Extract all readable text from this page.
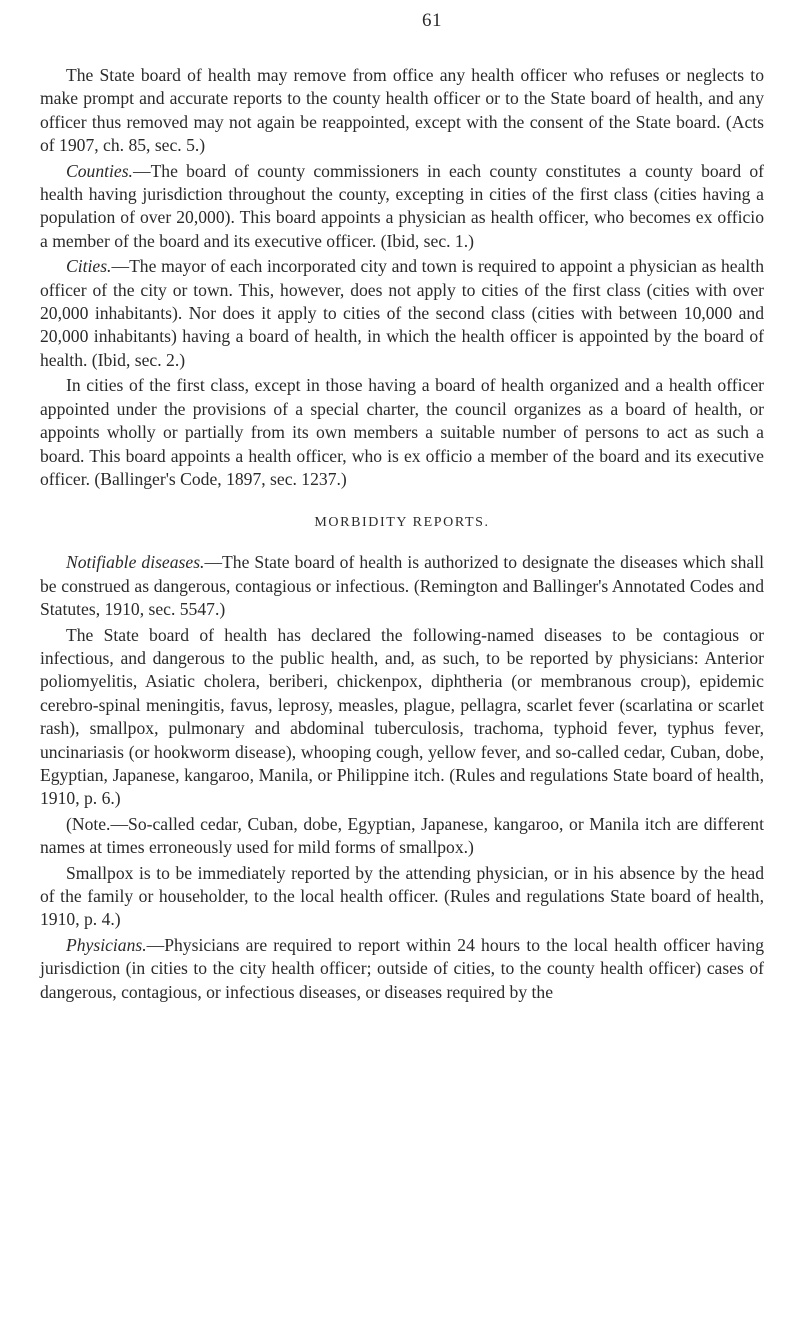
61

The State board of health may remove from office any health officer who refuses or neglects to make prompt and accurate reports to the county health officer or to the State board of health, and any officer thus removed may not again be reappointed, except with the consent of the State board. (Acts of 1907, ch. 85, sec. 5.)

Counties.—The board of county commissioners in each county constitutes a county board of health having jurisdiction throughout the county, excepting in cities of the first class (cities having a population of over 20,000). This board appoints a physician as health officer, who becomes ex officio a member of the board and its executive officer. (Ibid, sec. 1.)

Cities.—The mayor of each incorporated city and town is required to appoint a physician as health officer of the city or town. This, however, does not apply to cities of the first class (cities with over 20,000 inhabitants). Nor does it apply to cities of the second class (cities with between 10,000 and 20,000 inhabitants) having a board of health, in which the health officer is appointed by the board of health. (Ibid, sec. 2.)

In cities of the first class, except in those having a board of health organized and a health officer appointed under the provisions of a special charter, the council organizes as a board of health, or appoints wholly or partially from its own members a suitable number of persons to act as such a board. This board appoints a health officer, who is ex officio a member of the board and its executive officer. (Ballinger's Code, 1897, sec. 1237.)

MORBIDITY REPORTS.

Notifiable diseases.—The State board of health is authorized to designate the diseases which shall be construed as dangerous, contagious or infectious. (Remington and Ballinger's Annotated Codes and Statutes, 1910, sec. 5547.)

The State board of health has declared the following-named diseases to be contagious or infectious, and dangerous to the public health, and, as such, to be reported by physicians: Anterior poliomyelitis, Asiatic cholera, beriberi, chickenpox, diphtheria (or membranous croup), epidemic cerebro-spinal meningitis, favus, leprosy, measles, plague, pellagra, scarlet fever (scarlatina or scarlet rash), smallpox, pulmonary and abdominal tuberculosis, trachoma, typhoid fever, typhus fever, uncinariasis (or hookworm disease), whooping cough, yellow fever, and so-called cedar, Cuban, dobe, Egyptian, Japanese, kangaroo, Manila, or Philippine itch. (Rules and regulations State board of health, 1910, p. 6.)

(Note.—So-called cedar, Cuban, dobe, Egyptian, Japanese, kangaroo, or Manila itch are different names at times erroneously used for mild forms of smallpox.)

Smallpox is to be immediately reported by the attending physician, or in his absence by the head of the family or householder, to the local health officer. (Rules and regulations State board of health, 1910, p. 4.)

Physicians.—Physicians are required to report within 24 hours to the local health officer having jurisdiction (in cities to the city health officer; outside of cities, to the county health officer) cases of dangerous, contagious, or infectious diseases, or diseases required by the
